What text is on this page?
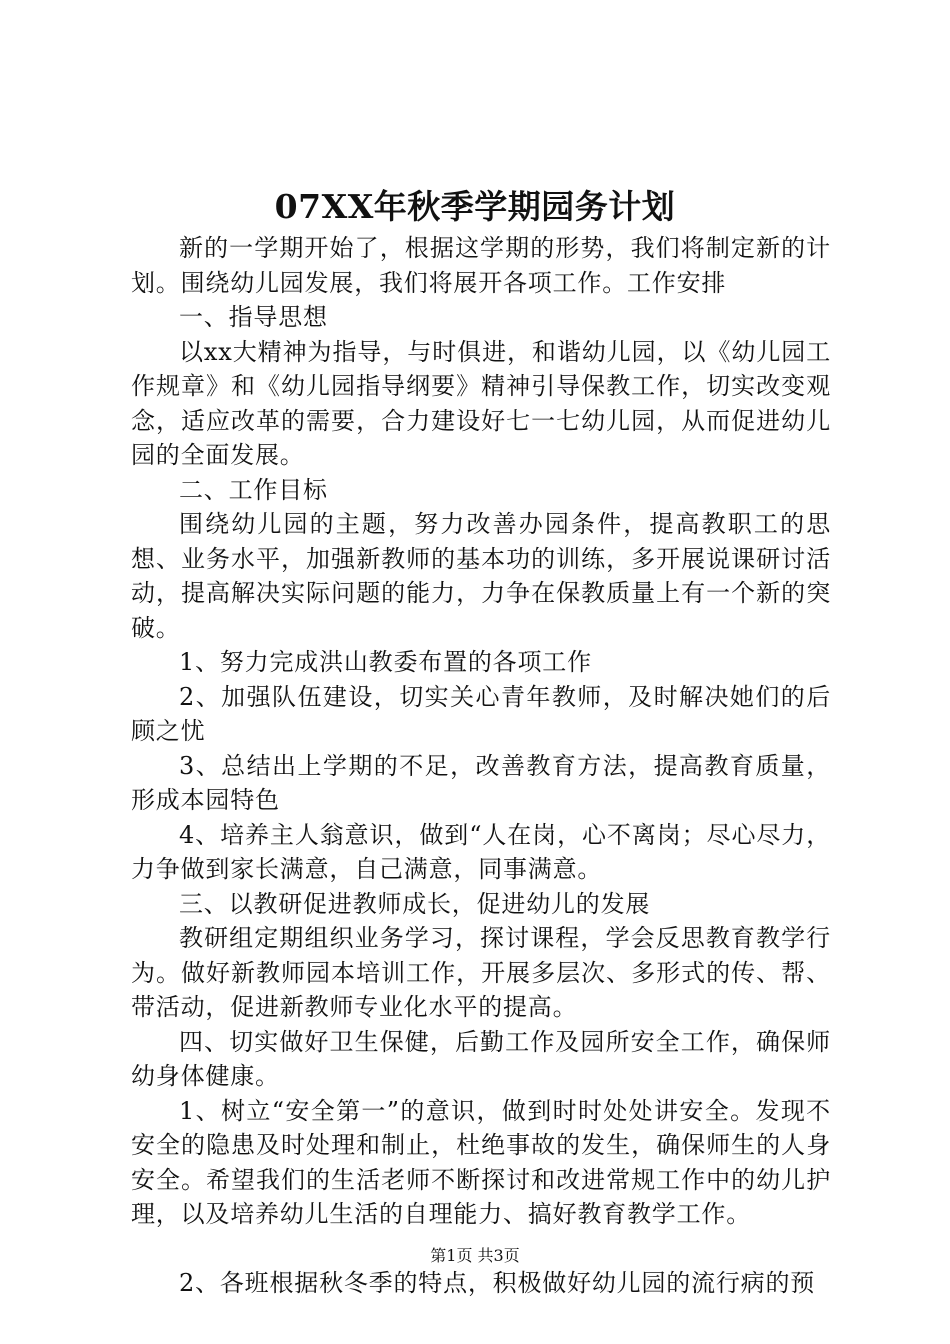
07XX年秋季学期园务计划

新的一学期开始了，根据这学期的形势，我们将制定新的计划。围绕幼儿园发展，我们将展开各项工作。工作安排

一、指导思想

以xx大精神为指导，与时俱进，和谐幼儿园，以《幼儿园工作规章》和《幼儿园指导纲要》精神引导保教工作，切实改变观念，适应改革的需要，合力建设好七一七幼儿园，从而促进幼儿园的全面发展。

二、工作目标

围绕幼儿园的主题，努力改善办园条件，提高教职工的思想、业务水平，加强新教师的基本功的训练，多开展说课研讨活动，提高解决实际问题的能力，力争在保教质量上有一个新的突破。

1、努力完成洪山教委布置的各项工作

2、加强队伍建设，切实关心青年教师，及时解决她们的后顾之忧

3、总结出上学期的不足，改善教育方法，提高教育质量，形成本园特色

4、培养主人翁意识，做到“人在岗，心不离岗；尽心尽力，力争做到家长满意，自己满意，同事满意。

三、以教研促进教师成长，促进幼儿的发展

教研组定期组织业务学习，探讨课程，学会反思教育教学行为。做好新教师园本培训工作，开展多层次、多形式的传、帮、带活动，促进新教师专业化水平的提高。

四、切实做好卫生保健，后勤工作及园所安全工作，确保师幼身体健康。

1、树立“安全第一”的意识，做到时时处处讲安全。发现不安全的隐患及时处理和制止，杜绝事故的发生，确保师生的人身安全。希望我们的生活老师不断探讨和改进常规工作中的幼儿护理，以及培养幼儿生活的自理能力、搞好教育教学工作。

2、各班根据秋冬季的特点，积极做好幼儿园的流行病的预

第1页 共3页
